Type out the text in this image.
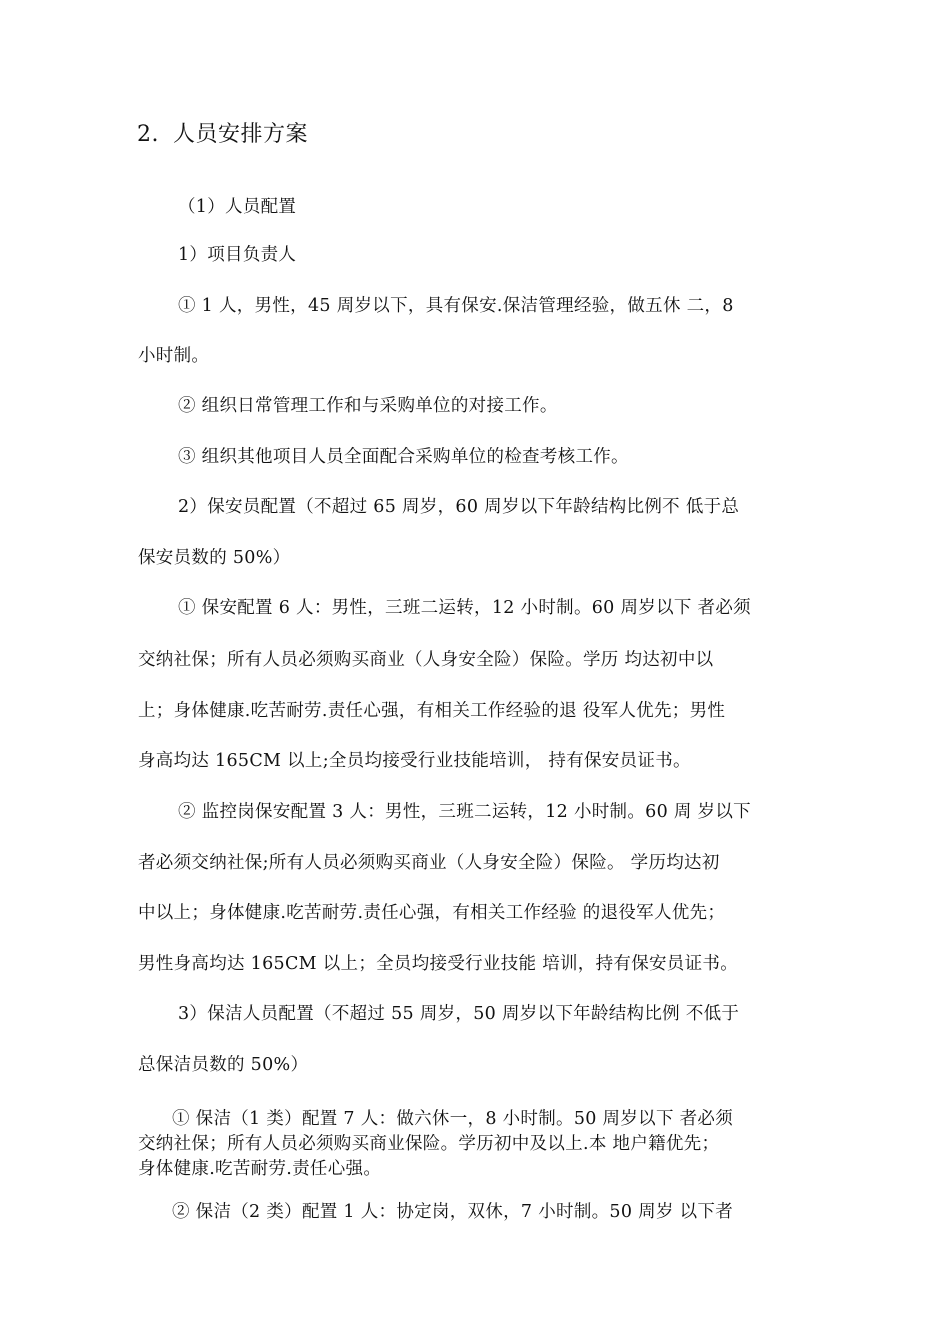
2. 人员安排方案
（1）人员配置
1）项目负责人
① 1 人，男性，45 周岁以下，具有保安.保洁管理经验，做五休 二，8
小时制。
② 组织日常管理工作和与采购单位的对接工作。
③ 组织其他项目人员全面配合采购单位的检查考核工作。
2）保安员配置（不超过 65 周岁，60 周岁以下年龄结构比例不 低于总
保安员数的 50%）
① 保安配置 6 人：男性，三班二运转，12 小时制。60 周岁以下 者必须
交纳社保；所有人员必须购买商业（人身安全险）保险。学历 均达初中以
上；身体健康.吃苦耐劳.责任心强，有相关工作经验的退 役军人优先；男性
身高均达 165CM 以上;全员均接受行业技能培训， 持有保安员证书。
② 监控岗保安配置 3 人：男性，三班二运转，12 小时制。60 周 岁以下
者必须交纳社保;所有人员必须购买商业（人身安全险）保险。 学历均达初
中以上；身体健康.吃苦耐劳.责任心强，有相关工作经验 的退役军人优先；
男性身高均达 165CM 以上；全员均接受行业技能 培训，持有保安员证书。
3）保洁人员配置（不超过 55 周岁，50 周岁以下年龄结构比例 不低于
总保洁员数的 50%）
① 保洁（1 类）配置 7 人：做六休一，8 小时制。50 周岁以下 者必须
交纳社保；所有人员必须购买商业保险。学历初中及以上.本 地户籍优先；
身体健康.吃苦耐劳.责任心强。
② 保洁（2 类）配置 1 人：协定岗，双休，7 小时制。50 周岁 以下者
